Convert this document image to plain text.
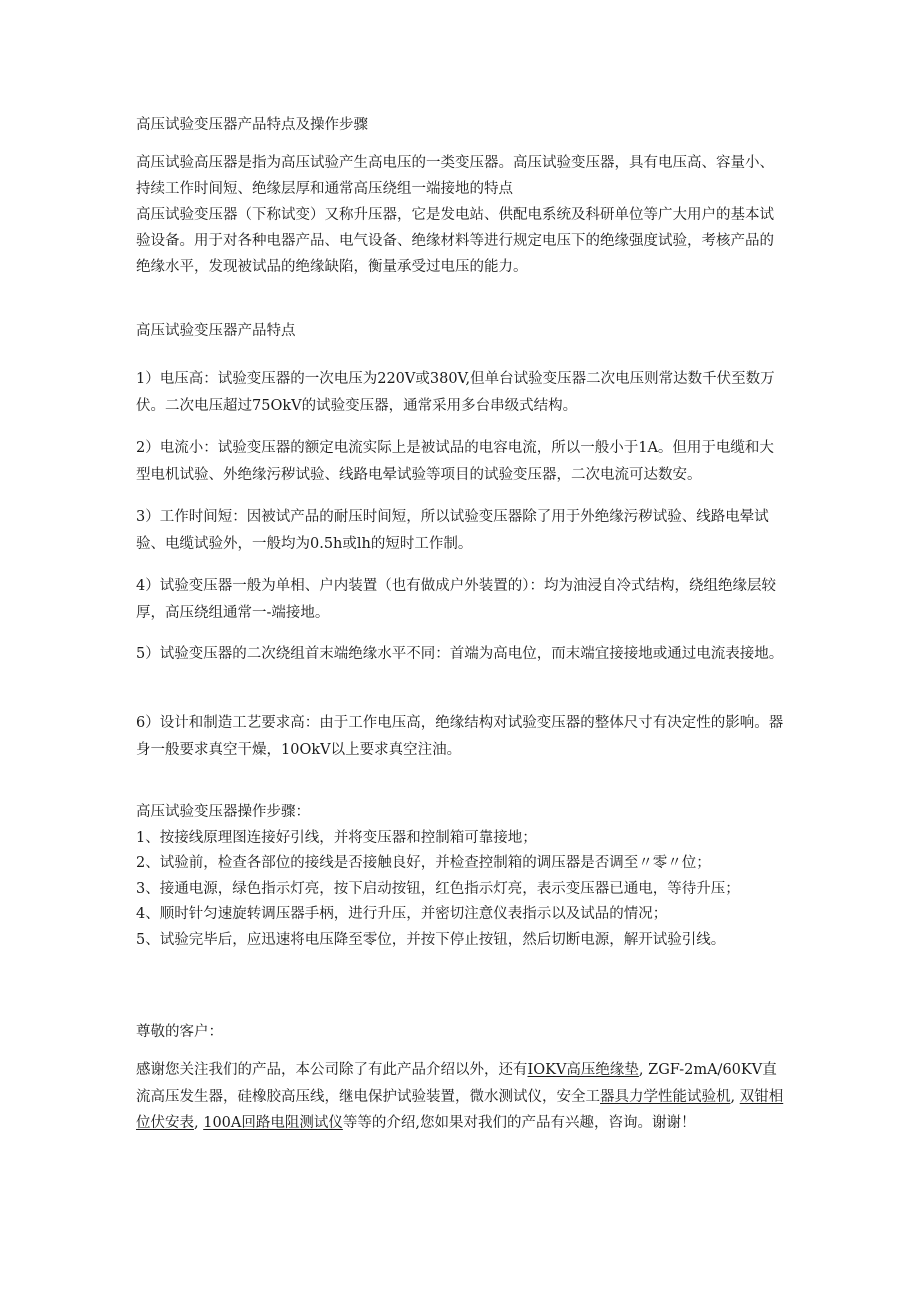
高压试验变压器产品特点及操作步骤

高压试验高压器是指为高压试验产生高电压的一类变压器。高压试验变压器，具有电压高、容量小、持续工作时间短、绝缘层厚和通常高压绕组一端接地的特点

高压试验变压器（下称试变）又称升压器，它是发电站、供配电系统及科研单位等广大用户的基本试验设备。用于对各种电器产品、电气设备、绝缘材料等进行规定电压下的绝缘强度试验，考核产品的绝缘水平，发现被试品的绝缘缺陷，衡量承受过电压的能力。

高压试验变压器产品特点

1）电压高：试验变压器的一次电压为220V或380V,但单台试验变压器二次电压则常达数千伏至数万伏。二次电压超过75OkV的试验变压器，通常采用多台串级式结构。

2）电流小：试验变压器的额定电流实际上是被试品的电容电流，所以一般小于1A。但用于电缆和大型电机试验、外绝缘污秽试验、线路电晕试验等项目的试验变压器，二次电流可达数安。

3）工作时间短：因被试产品的耐压时间短，所以试验变压器除了用于外绝缘污秽试验、线路电晕试验、电缆试验外，一般均为0.5h或lh的短时工作制。

4）试验变压器一般为单相、户内装置（也有做成户外装置的）：均为油浸自冷式结构，绕组绝缘层较厚，高压绕组通常一-端接地。

5）试验变压器的二次绕组首末端绝缘水平不同：首端为高电位，而末端宜接接地或通过电流表接地。

6）设计和制造工艺要求高：由于工作电压高，绝缘结构对试验变压器的整体尺寸有决定性的影响。器身一般要求真空干燥，10OkV以上要求真空注油。

高压试验变压器操作步骤：

1、按接线原理图连接好引线，并将变压器和控制箱可靠接地；

2、试验前，检查各部位的接线是否接触良好，并检查控制箱的调压器是否调至〃零〃位；

3、接通电源，绿色指示灯亮，按下启动按钮，红色指示灯亮，表示变压器已通电，等待升压；

4、顺时针匀速旋转调压器手柄，进行升压，并密切注意仪表指示以及试品的情况；

5、试验完毕后，应迅速将电压降至零位，并按下停止按钮，然后切断电源，解开试验引线。

尊敬的客户：

感谢您关注我们的产品，本公司除了有此产品介绍以外，还有IOKV高压绝缘垫, ZGF-2mA∕60KV直流高压发生器，硅橡胶高压线，继电保护试验装置，微水测试仪，安全工器具力学性能试验机, 双钳相位伏安表, 100A回路电阻测试仪等等的介绍,您如果对我们的产品有兴趣，咨询。谢谢！
